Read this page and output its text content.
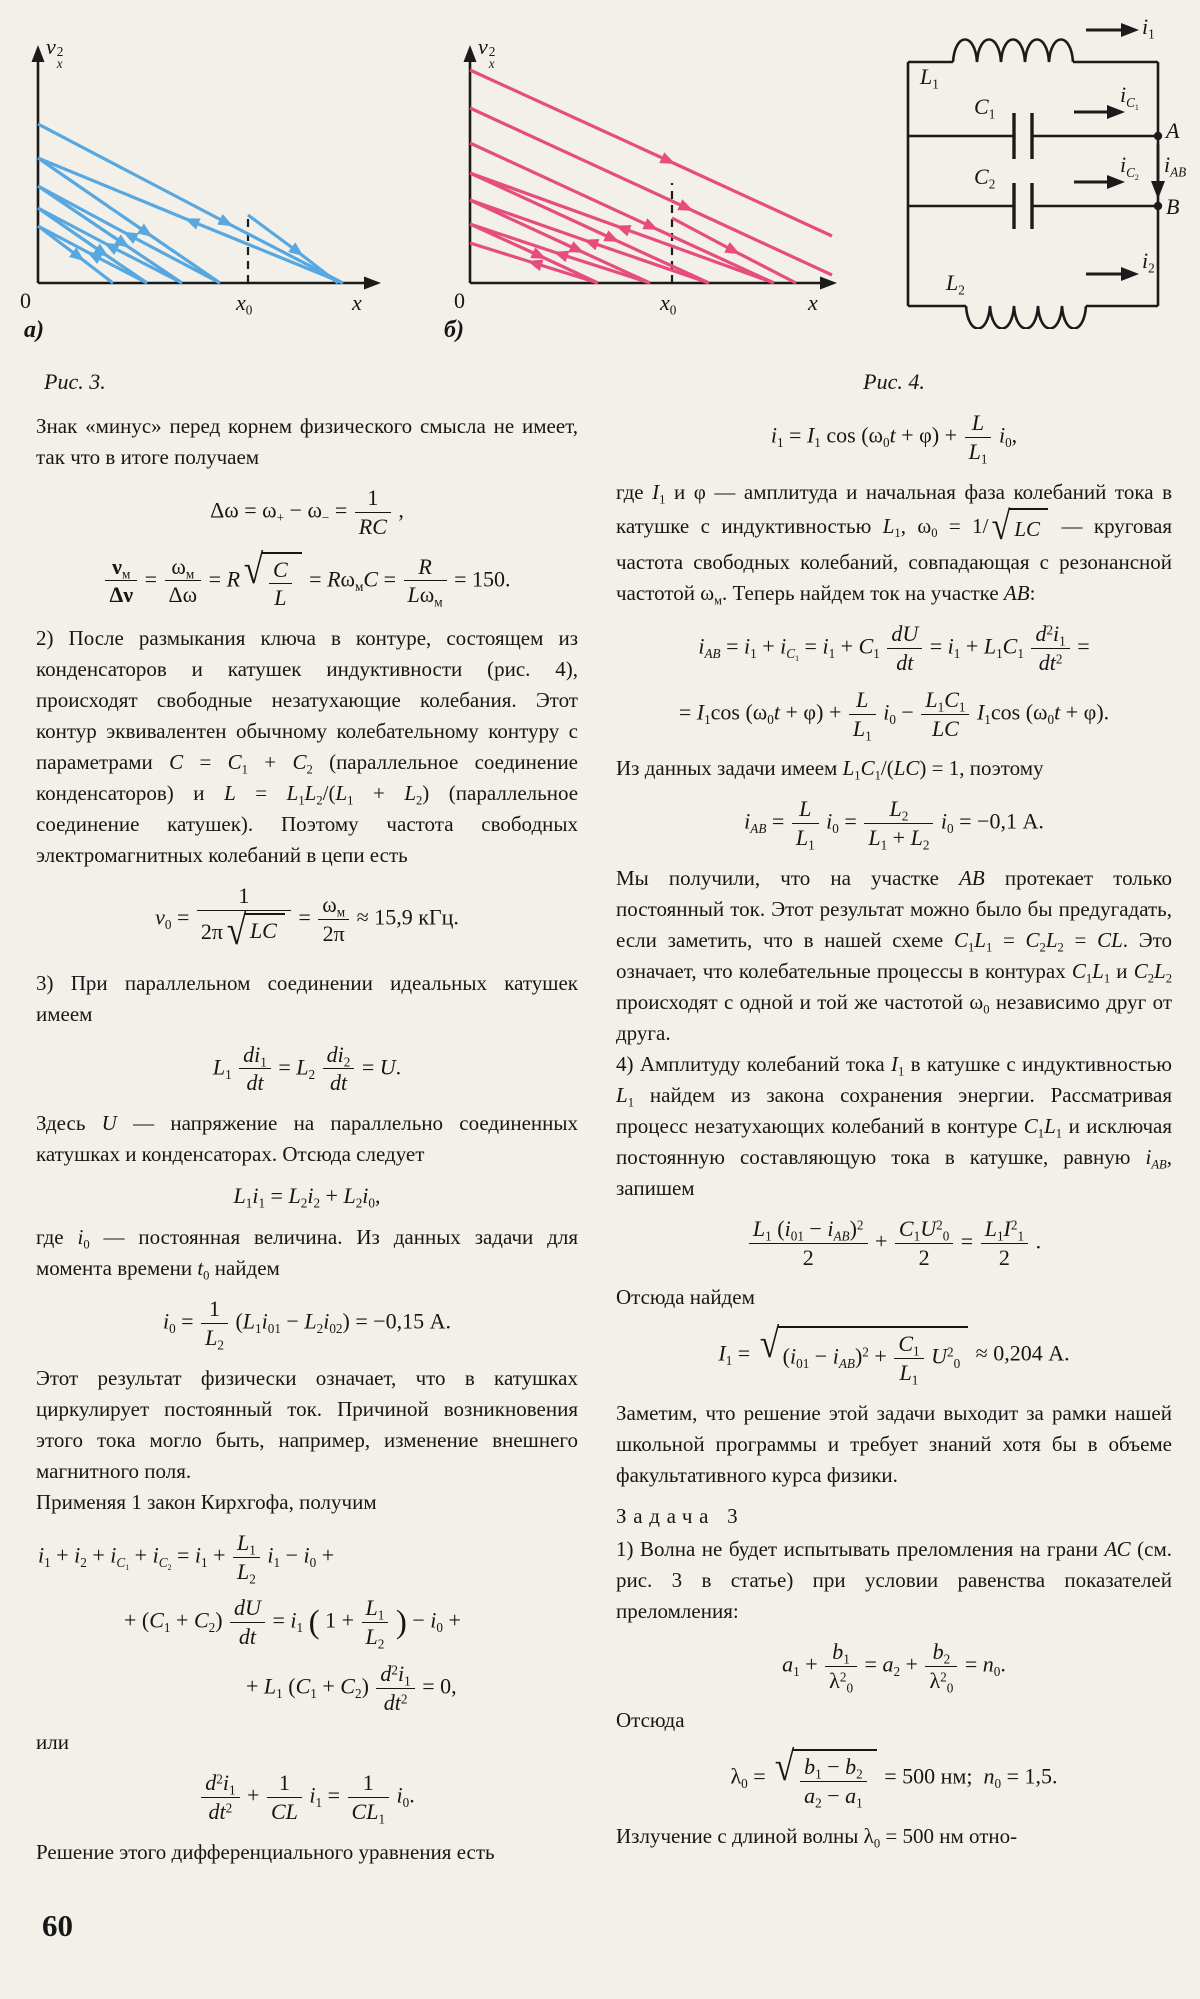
v 2
x
0	$x_0$	x
а)
v 2
x
0	$x_0$	x
б)
$L_1$
$C_1$
$C_2$
$L_2$
$i_1$
$i_{C_1}$
$i_{C_2}$ $i_{AB}$
$i_2$
A
B
Рис. 3.
Знак «минус» перед корнем физического смысла не имеет, так что в итоге получаем
$\Delta\omega = \omega_+ - \omega_- = \frac{1}{RC}$ ,
$\nu_м$
Δν
= $\omega_м$
Δω
= R √ $\frac{C}{L} = R\omega_мC = R$
$L\omega_м$
= 150.
2) После размыкания ключа в контуре, состоящем из конденсаторов и катушек индуктивности (рис. 4), происходят свободные незатухающие колебания. Этот контур эквивалентен обычному колебательному контуру с параметрами $C = C_1 + C_2$ (параллельное соединение конденсаторов) и $L = L_1L_2/(L_1 + L_2)$ (параллельное соединение катушек). Поэтому частота свободных электромагнитных колебаний в цепи есть
$\nu_0 = \frac{1}{2\pi √ LC} = \omega_м$
2π
≈ 15,9 кГц.
3) При параллельном соединении идеальных катушек имеем
$L_1 \frac{di_1}{dt} = L_2 \frac{di_2}{dt} = U$.
Здесь U — напряжение на параллельно соединенных катушках и конденсаторах. Отсюда следует
$L_1i_1 = L_2i_2 + L_2i_0$,
где $i_0$ — постоянная величина. Из данных задачи для момента времени $t_0$ найдем
$i_0 = \frac{1}{L_2} (L_1i_{01} - L_2i_{02}) = -0,15$ А.
Этот результат физически означает, что в катушках циркулирует постоянный ток. Причиной возникновения этого тока могло быть, например, изменение внешнего магнитного поля.
Применяя 1 закон Кирхгофа, получим
$i_1 + i_2 + i_{C_1} + i_{C_2} = i_1 + \frac{L_1}{L_2} i_1 - i_0$ +
+ $(C_1 + C_2) \frac{dU}{dt} = i_1$ ( $1 + \frac{L_1}{L_2}$ ) − $i_0$ +
+ $L_1$ $(C_1 + C_2) \frac{d^2i_1}{dt^2} = 0$,
или
$\frac{d^2i_1}{dt^2} + \frac{1}{CL} i_1 = \frac{1}{CL_1} i_0$.
Решение этого дифференциального уравнения есть
Рис. 4.
$i_1 = I_1$ $\cos (\omega_0t + \varphi) + \frac{L}{L_1} i_0$,
где $I_1$ и φ — амплитуда и начальная фаза колебаний тока в катушке с индуктивностью $L_1$, $\omega_0 = 1/$ √ LC — круговая частота свободных колебаний, совпадающая с резонансной частотой $\omega_м$. Теперь найдем ток на участке АВ:
$i_{AB} = i_1 + i_{C_1} = i_1 + C_1 \frac{dU}{dt} = i_1 + L_1C_1 \frac{d^2i_1}{dt^2}$ =
= $I_1\cos$ $(\omega_0t + \varphi) + \frac{L}{L_1} i_0 - \frac{L_1C_1}{LC} I_1\cos$ $(\omega_0t + \varphi)$.
Из данных задачи имеем $L_1C_1/(LC) = 1$, поэтому
$i_{AB} = \frac{L}{L_1} i_0 = \frac{L_2}{L_1 + L_2} i_0 = -0,1$ А.
Мы получили, что на участке АВ протекает только постоянный ток. Этот результат можно было бы предугадать, если заметить, что в нашей схеме $C_1L_1 = C_2L_2$ = CL. Это означает, что колебательные процессы в контурах $C_1L_1$ и $C_2L_2$ происходят с одной и той же частотой $\omega_0$ независимо друг от друга.
4) Амплитуду колебаний тока $I_1$ в катушке с индуктивностью $L_1$ найдем из закона сохранения энергии. Рассматривая процесс незатухающих колебаний в контуре $C_1L_1$ и исключая постоянную составляющую тока в катушке, равную $i_{AB}$, запишем
$L_1$ $(i_{01} - i_{AB})^2$
2
+ $\frac{C_1U^2_0}{2} = \frac{L_1I^2_1}{2}$ .
Отсюда найдем
$I_1$ = √ $(i_{01} - i_{AB})^2 + \frac{C_1}{L_1} U^2_0 \approx 0,204$ А.
Заметим, что решение этой задачи выходит за рамки нашей школьной программы и требует знаний хотя бы в объеме факультативного курса физики.
Задача 3
1) Волна не будет испытывать преломления на грани АС (см. рис. 3 в статье) при условии равенства показателей преломления:
$a_1 + \frac{b_1}{\lambda^2_0} = a_2 + \frac{b_2}{\lambda^2_0} = n_0$.
Отсюда
$\lambda_0$ = √ $\frac{b_1 - b_2}{a_2 - a_1} = 500$ нм;  $n_0 = 1,5$.
Излучение с длиной волны $\lambda_0 = 500$ нм отно-
60
